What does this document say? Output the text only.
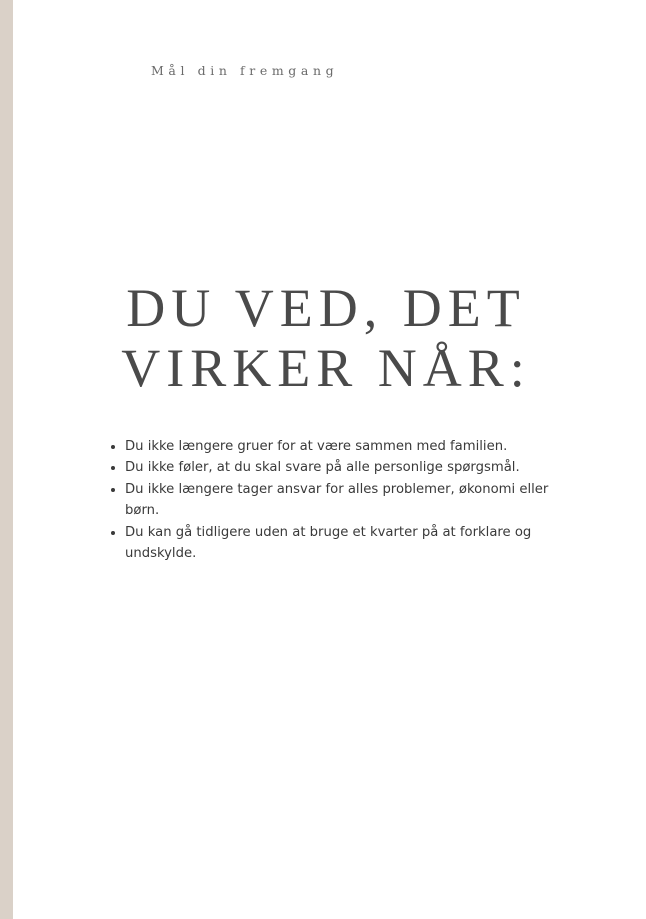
Mål din fremgang
DU VED, DET
VIRKER NÅR:
• Du ikke længere gruer for at være sammen med familien.
• Du ikke føler, at du skal svare på alle personlige spørgsmål.
• Du ikke længere tager ansvar for alles problemer, økonomi eller børn.
• Du kan gå tidligere uden at bruge et kvarter på at forklare og undskylde.
